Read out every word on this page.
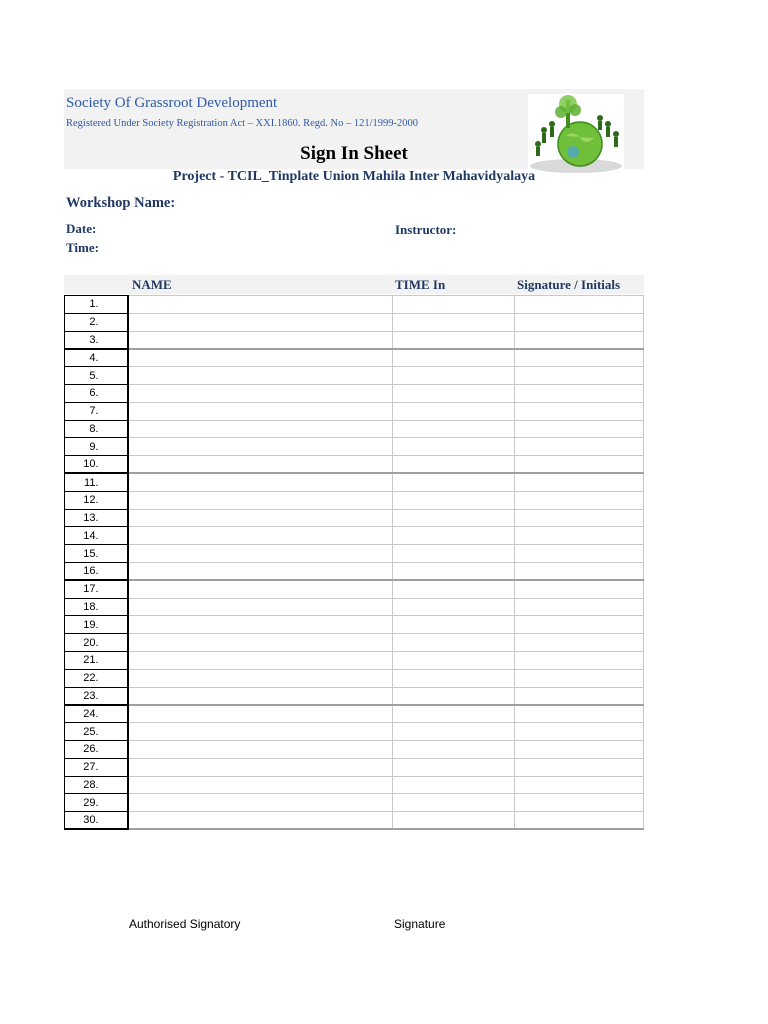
Society Of Grassroot Development
Registered Under Society Registration Act – XXI.1860. Regd. No – 121/1999-2000
Sign In Sheet
Project - TCIL_Tinplate Union Mahila Inter Mahavidyalaya
Workshop Name:
Date:
Time:
Instructor:
NAME	TIME In	Signature / Initials
1.			
2.			
3.			
4.			
5.			
6.			
7.			
8.			
9.			
10.			
11.			
12.			
13.			
14.			
15.			
16.			
17.			
18.			
19.			
20.			
21.			
22.			
23.			
24.			
25.			
26.			
27.			
28.			
29.			
30.			
Authorised Signatory	Signature
